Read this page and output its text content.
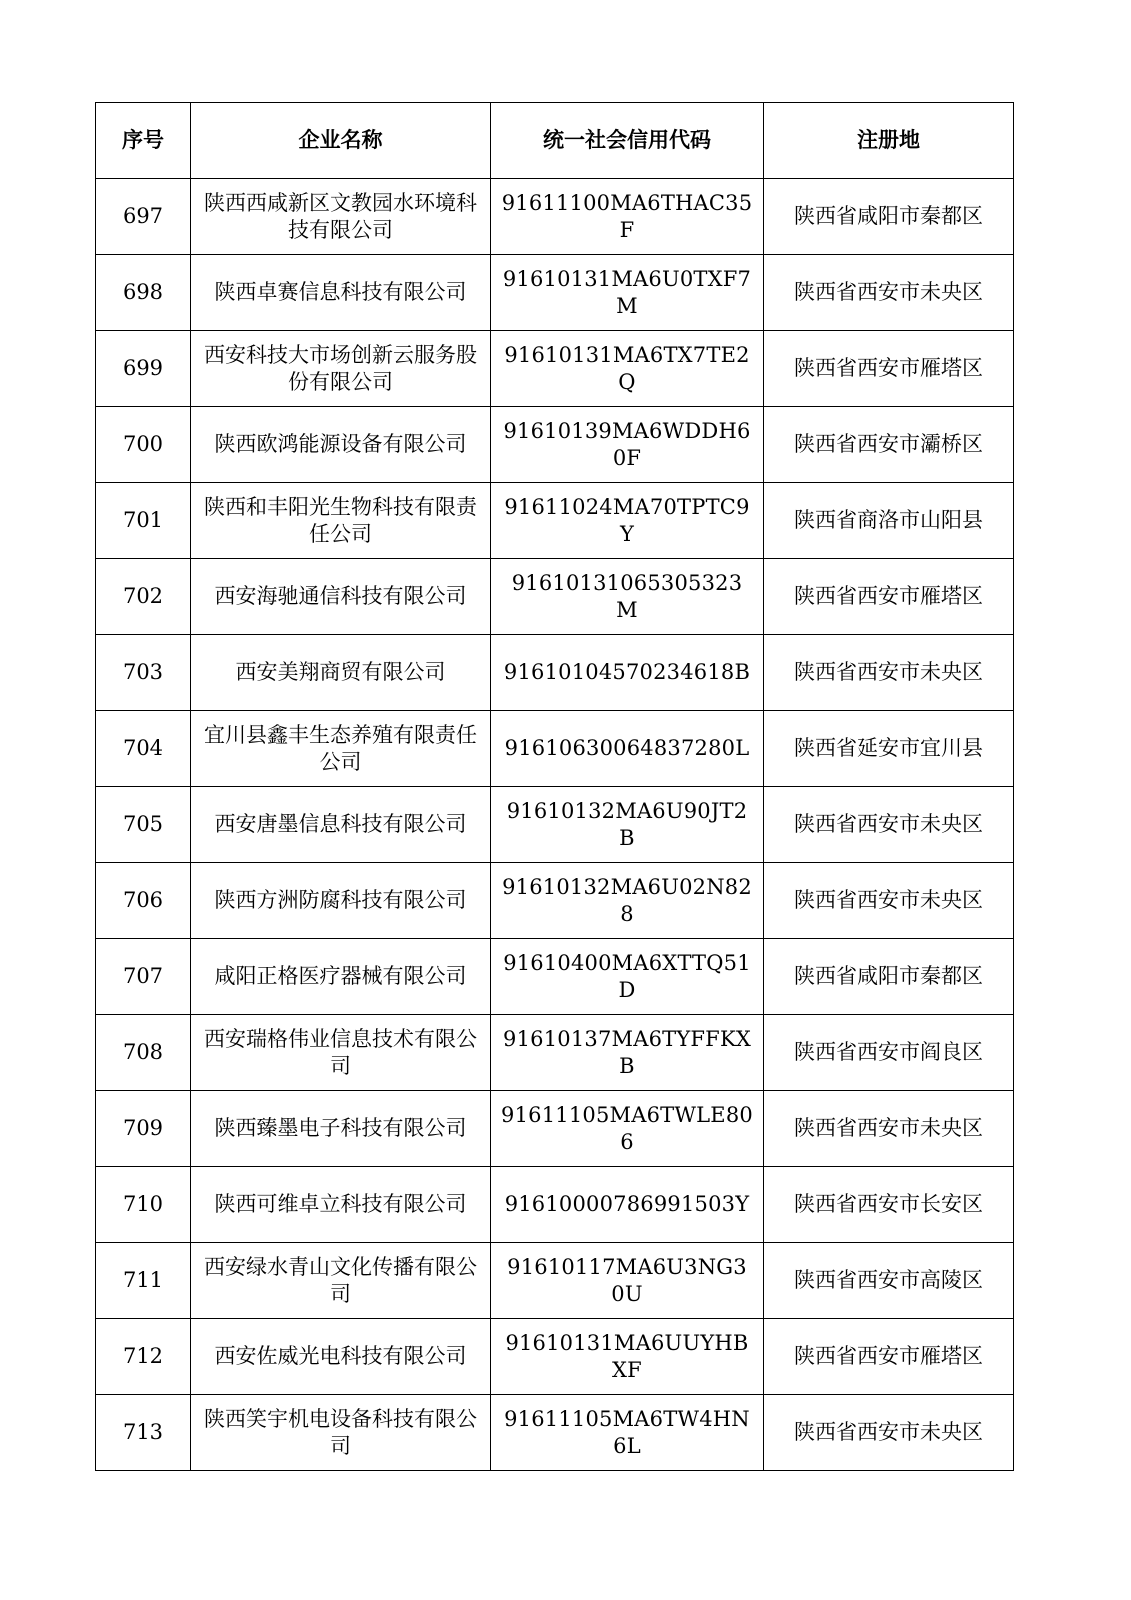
序号	企业名称	统一社会信用代码	注册地
697	陕西西咸新区文教园水环境科技有限公司	91611100MA6THAC35F	陕西省咸阳市秦都区
698	陕西卓赛信息科技有限公司	91610131MA6U0TXF7M	陕西省西安市未央区
699	西安科技大市场创新云服务股份有限公司	91610131MA6TX7TE2Q	陕西省西安市雁塔区
700	陕西欧鸿能源设备有限公司	91610139MA6WDDH60F	陕西省西安市灞桥区
701	陕西和丰阳光生物科技有限责任公司	91611024MA70TPTC9Y	陕西省商洛市山阳县
702	西安海驰通信科技有限公司	91610131065305323M	陕西省西安市雁塔区
703	西安美翔商贸有限公司	91610104570234618B	陕西省西安市未央区
704	宜川县鑫丰生态养殖有限责任公司	91610630064837280L	陕西省延安市宜川县
705	西安唐墨信息科技有限公司	91610132MA6U90JT2B	陕西省西安市未央区
706	陕西方洲防腐科技有限公司	91610132MA6U02N828	陕西省西安市未央区
707	咸阳正格医疗器械有限公司	91610400MA6XTTQ51D	陕西省咸阳市秦都区
708	西安瑞格伟业信息技术有限公司	91610137MA6TYFFKXB	陕西省西安市阎良区
709	陕西臻墨电子科技有限公司	91611105MA6TWLE806	陕西省西安市未央区
710	陕西可维卓立科技有限公司	91610000786991503Y	陕西省西安市长安区
711	西安绿水青山文化传播有限公司	91610117MA6U3NG30U	陕西省西安市高陵区
712	西安佐威光电科技有限公司	91610131MA6UUYHBXF	陕西省西安市雁塔区
713	陕西笑宇机电设备科技有限公司	91611105MA6TW4HN6L	陕西省西安市未央区
